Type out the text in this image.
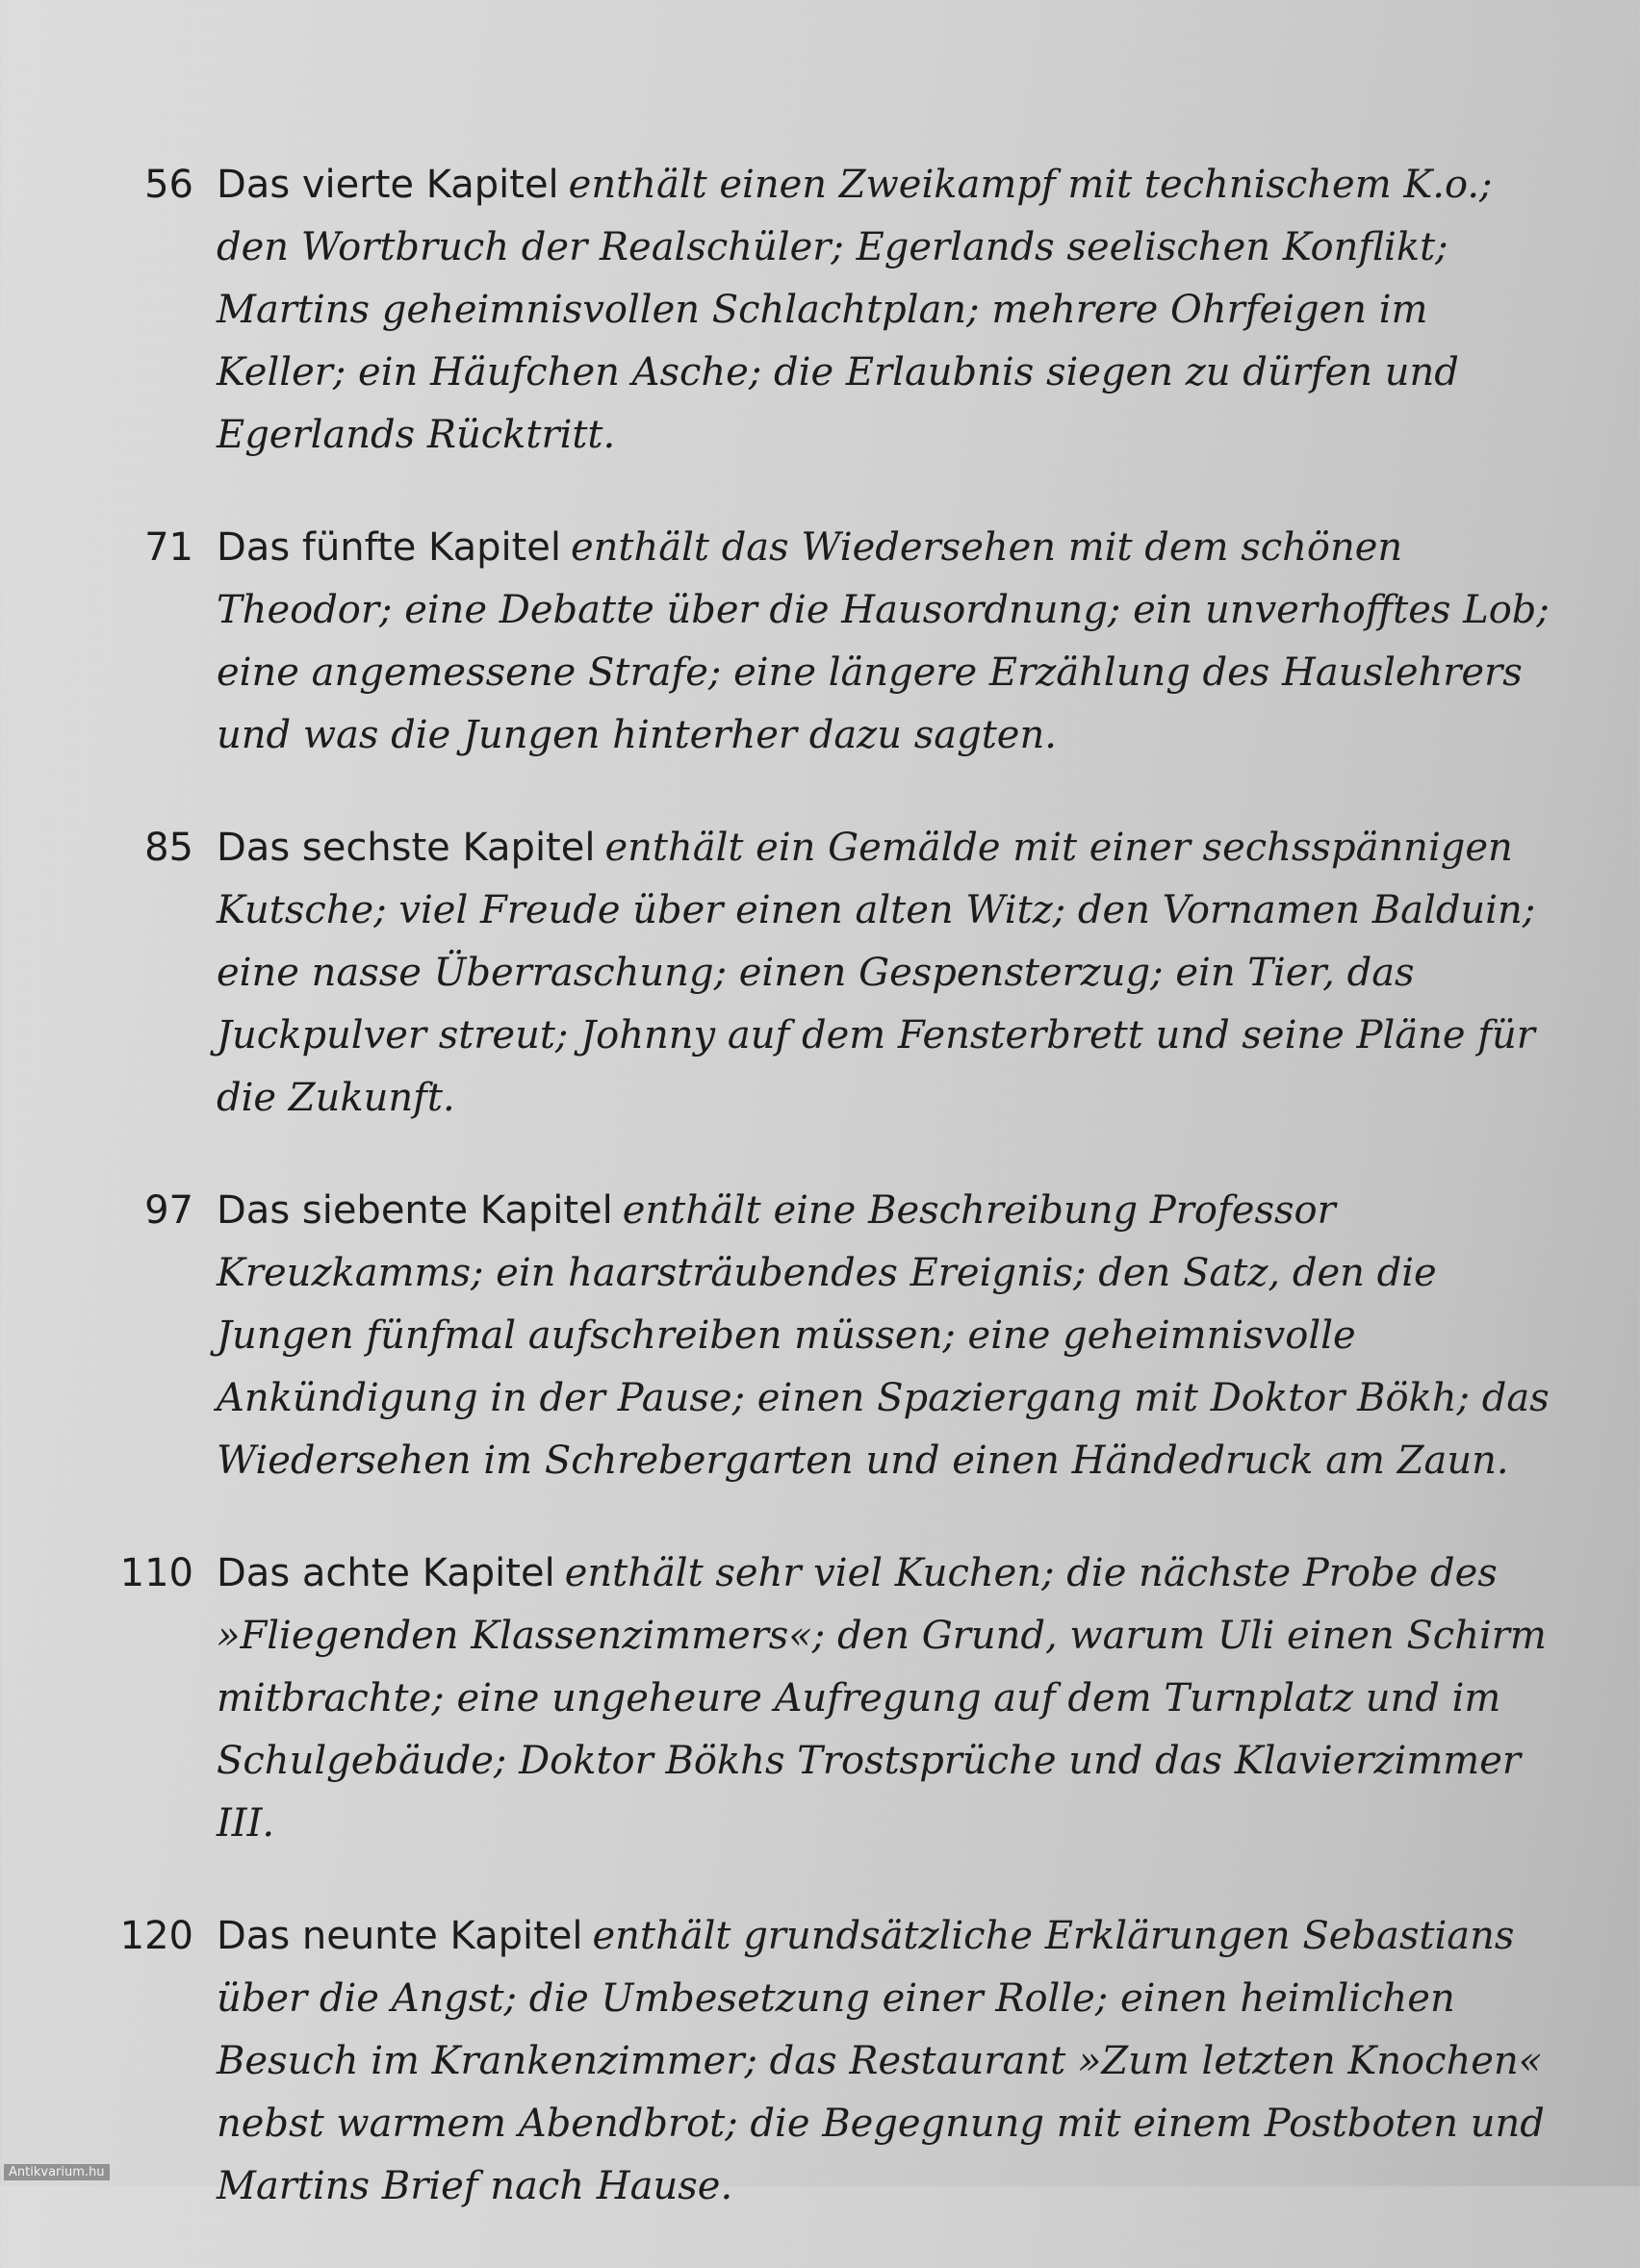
56 Das vierte Kapitel enthält einen Zweikampf mit technischem K.o.; den Wortbruch der Realschüler; Egerlands seelischen Konflikt; Martins geheimnisvollen Schlachtplan; mehrere Ohrfeigen im Keller; ein Häufchen Asche; die Erlaubnis siegen zu dürfen und Egerlands Rücktritt.
71 Das fünfte Kapitel enthält das Wiedersehen mit dem schönen Theodor; eine Debatte über die Hausordnung; ein unverhofftes Lob; eine angemessene Strafe; eine längere Erzählung des Hauslehrers und was die Jungen hinterher dazu sagten.
85 Das sechste Kapitel enthält ein Gemälde mit einer sechsspännigen Kutsche; viel Freude über einen alten Witz; den Vornamen Balduin; eine nasse Überraschung; einen Gespensterzug; ein Tier, das Juckpulver streut; Johnny auf dem Fensterbrett und seine Pläne für die Zukunft.
97 Das siebente Kapitel enthält eine Beschreibung Professor Kreuzkamms; ein haarsträubendes Ereignis; den Satz, den die Jungen fünfmal aufschreiben müssen; eine geheimnisvolle Ankündigung in der Pause; einen Spaziergang mit Doktor Bökh; das Wiedersehen im Schrebergarten und einen Händedruck am Zaun.
110 Das achte Kapitel enthält sehr viel Kuchen; die nächste Probe des »Fliegenden Klassenzimmers«; den Grund, warum Uli einen Schirm mitbrachte; eine ungeheure Aufregung auf dem Turnplatz und im Schulgebäude; Doktor Bökhs Trostsprüche und das Klavierzimmer III.
120 Das neunte Kapitel enthält grundsätzliche Erklärungen Sebastians über die Angst; die Umbesetzung einer Rolle; einen heimlichen Besuch im Krankenzimmer; das Restaurant »Zum letzten Knochen« nebst warmem Abendbrot; die Begegnung mit einem Postboten und Martins Brief nach Hause.
Antikvarium.hu
